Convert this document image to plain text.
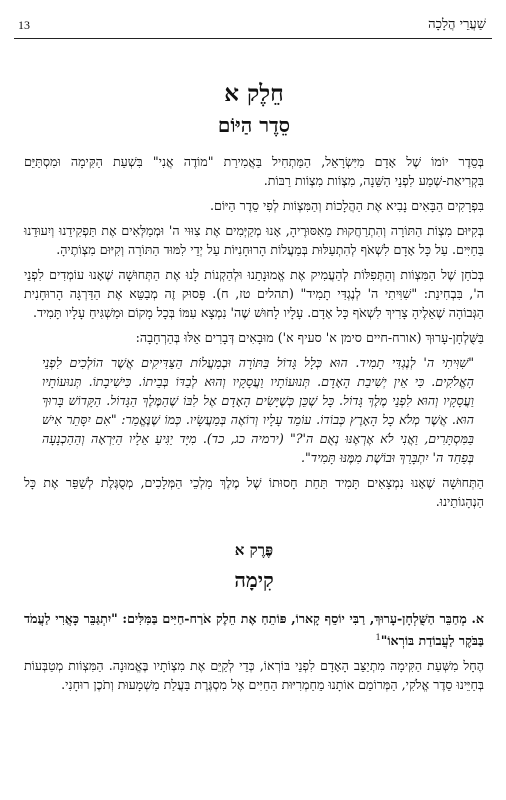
13	שַׁעֲרֵי הֲלָכָה
חֵלֶק א
סֵדֶר הַיּוֹם

בְּסֵדֶר יוֹמוֹ שֶׁל אָדָם מִיִּשְׂרָאֵל, הַמַּתְחִיל בַּאֲמִירַת "מוֹדֶה אֲנִי" בִּשְׁעַת הַקִּימָה וּמִסְתַּיֵּם בִּקְרִיאַת-שְׁמַע לִפְנֵי הַשֵּׁנָה, מִצְוֹות מִצְוֹות רַבּוֹת.

בִּפְרָקִים הַבָּאִים נָבִיא אֶת הַהֲלָכוֹת וְהַמִּצְוֹות לְפִי סֵדֶר הַיּוֹם.

בְּקִיּוּם מִצְוֹת הַתּוֹרָה וְהִתְרַחֲקוּת מֵאִסּוּרֶיהָ, אָנוּ מְקַיְּמִים אֶת צִוּוּי ה' וּמְמַלְּאִים אֶת תַּפְקִידֵנוּ וְיִעוּדֵנוּ בַּחַיִּים. עַל כָּל אָדָם לִשְׁאֹף לְהִתְעַלּוּת בְּמַעֲלוֹת הָרוּחָנִיּוֹת עַל יְדֵי לִמּוּד הַתּוֹרָה וְקִיּוּם מִצְוֹתֶיהָ.

בְּכֹחַן שֶׁל הַמִּצְוֹות וְהַתְּפִלּוֹת לְהַעֲמִיק אֶת אֱמוּנָתֵנוּ וּלְהַקְנוֹת לָנוּ אֶת הַתְּחוּשָׁה שֶׁאָנוּ עוֹמְדִים לִפְנֵי ה', בִּבְחִינַת: "שִׁוִּיתִי ה' לְנֶגְדִּי תָמִיד" (תהלים טז, ח). פָּסוּק זֶה מְבַטֵּא אֶת הַדַּרְגָּה הָרוּחָנִית הַגְּבוֹהָה שֶׁאֵלֶיהָ צָרִיךְ לִשְׁאֹף כָּל אָדָם. עָלָיו לָחוּשׁ שֶׁה' נִמְצָא עִמּוֹ בְּכָל מָקוֹם וּמַשְׁגִּיחַ עָלָיו תָּמִיד.

בַּשֻּׁלְחָן-עָרוּךְ (אורח-חיים סימן א' סעיף א') מוּבָאִים דְּבָרִים אֵלּוּ בְּהַרְחָבָה:

"שִׁוִּיתִי ה' לְנֶגְדִּי תָמִיד. הוּא כְּלָל גָּדוֹל בַּתּוֹרָה וּבְמַעֲלוֹת הַצַּדִּיקִים אֲשֶׁר הוֹלְכִים לִפְנֵי הָאֱלֹקִים. כִּי אֵין יְשִׁיבַת הָאָדָם. תְּנוּעוֹתָיו וַעֲסָקָיו וְהוּא לְבַדּוֹ בְּבֵיתוֹ. כִּישִׁיבָתוֹ. תְּנוּעוֹתָיו וַעֲסָקָיו וְהוּא לִפְנֵי מֶלֶךְ גָּדוֹל. כָּל שֶׁכֵּן כְּשֶׁיָּשִׂים הָאָדָם אֶל לִבּוֹ שֶׁהַמֶּלֶךְ הַגָּדוֹל. הַקָּדוֹשׁ בָּרוּךְ הוּא. אֲשֶׁר מְלֹא כָל הָאָרֶץ כְּבוֹדוֹ. עוֹמֵד עָלָיו וְרוֹאֶה בְּמַעֲשָׂיו. כְּמוֹ שֶׁנֶּאֱמַר: "אִם יִסָּתֵר אִישׁ בַּמִּסְתָּרִים, וַאֲנִי לֹא אֶרְאֶנּוּ נְאֻם ה'?" (ירמיה כג, כד). מִיָּד יַגִּיעַ אֵלָיו הַיִּרְאָה וְהַהַכְנָעָה בְּפַחַד ה' יִתְבָּרַךְ וּבוֹשֶׁת מִמֶּנּוּ תָּמִיד".

הַתְּחוּשָׁה שֶׁאָנוּ נִמְצָאִים תָּמִיד תַּחַת חָסוּתוֹ שֶׁל מֶלֶךְ מַלְכֵי הַמְּלָכִים, מְסֻגֶּלֶת לְשַׁפֵּר אֶת כָּל הַנְהָגוֹתֵינוּ.

פֶּרֶק א
קִימָה

א. מְחַבֵּר הַשֻּׁלְחָן-עָרוּךְ, רַבִּי יוֹסֵף קָארוֹ, פּוֹתֵחַ אֶת חֵלֶק אֹרַח-חַיִּים בַּמִּלִּים: "יִתְגַּבֵּר כָּאֲרִי לַעֲמֹד בַּבֹּקֶר לַעֲבוֹדַת בּוֹרְאוֹ"$^1$

הֶחָל מִשְּׁעַת הַקִּימָה מִתְיַצֵּב הָאָדָם לִפְנֵי בּוֹרְאוֹ, כְּדֵי לְקַיֵּם אֶת מִצְוֹתָיו בֶּאֱמוּנָה. הַמִּצְוֹות מְטַבְּעוֹת בְּחַיֵּינוּ סֵדֶר אֱלֹקִי, הַמְּרוֹמֵם אוֹתָנוּ מֵחַמְרִיּוּת הַחַיִּים אֶל מִסְגֶּרֶת בַּעֲלַת מַשְׁמָעוּת וְתֹכֶן רוּחָנִי.
